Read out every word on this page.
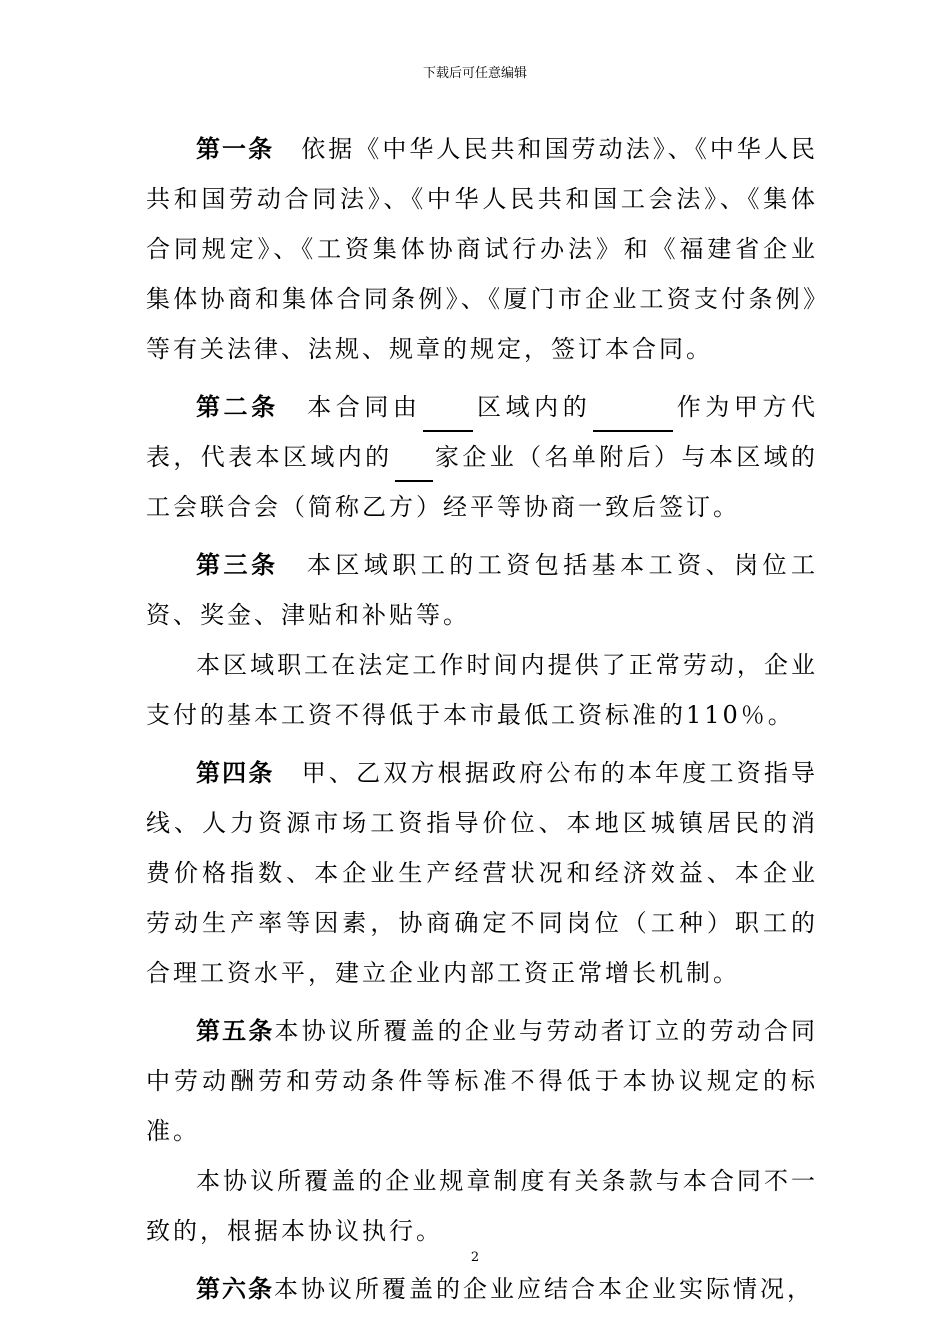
下载后可任意编辑

第一条　 依据《中华人民共和国劳动法》、《中华人民共和国劳动合同法》、《中华人民共和国工会法》、《集体合同规定》、《工资集体协商试行办法》和《福建省企业集体协商和集体合同条例》、《厦门市企业工资支付条例》等有关法律、法规、规章的规定，签订本合同。

第二条　 本合同由 区域内的	作为甲方代表，代表本区域内的 家企业（名单附后）与本区域的工会联合会（简称乙方）经平等协商一致后签订。

第三条　 本区域职工的工资包括基本工资、岗位工资、奖金、津贴和补贴等。

本区域职工在法定工作时间内提供了正常劳动，企业支付的基本工资不得低于本市最低工资标准的110％。

第四条　 甲、乙双方根据政府公布的本年度工资指导线、人力资源市场工资指导价位、本地区城镇居民的消费价格指数、本企业生产经营状况和经济效益、本企业劳动生产率等因素，协商确定不同岗位（工种）职工的合理工资水平，建立企业内部工资正常增长机制。

第五条本协议所覆盖的企业与劳动者订立的劳动合同中劳动酬劳和劳动条件等标准不得低于本协议规定的标准。

本协议所覆盖的企业规章制度有关条款与本合同不一致的，根据本协议执行。

第六条本协议所覆盖的企业应结合本企业实际情况，

2
